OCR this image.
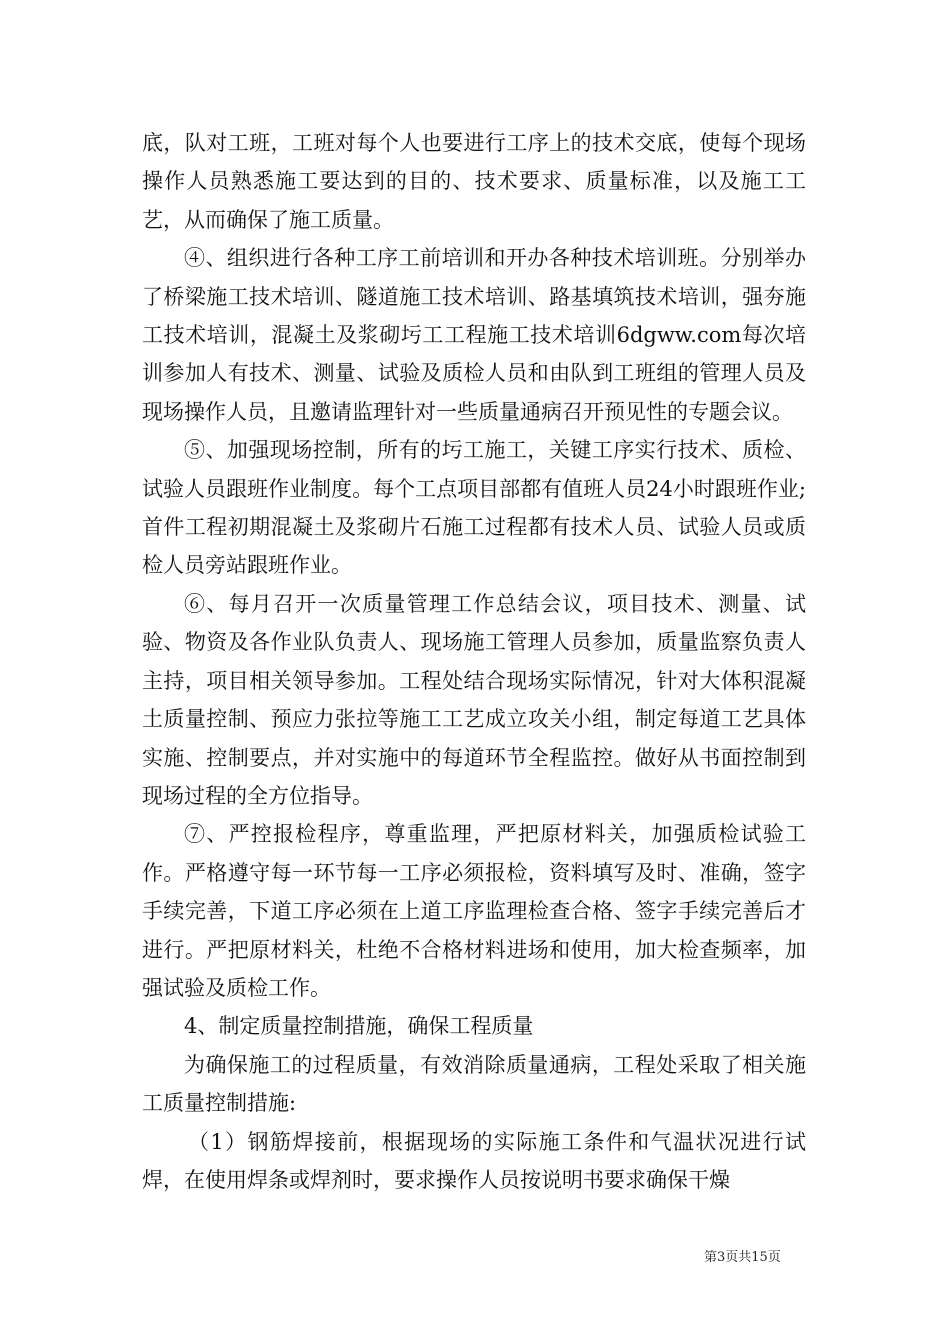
底，队对工班，工班对每个人也要进行工序上的技术交底，使每个现场操作人员熟悉施工要达到的目的、技术要求、质量标准，以及施工工艺，从而确保了施工质量。

④、组织进行各种工序工前培训和开办各种技术培训班。分别举办了桥梁施工技术培训、隧道施工技术培训、路基填筑技术培训，强夯施工技术培训，混凝土及浆砌圬工工程施工技术培训6dgww.com每次培训参加人有技术、测量、试验及质检人员和由队到工班组的管理人员及现场操作人员，且邀请监理针对一些质量通病召开预见性的专题会议。

⑤、加强现场控制，所有的圬工施工，关键工序实行技术、质检、试验人员跟班作业制度。每个工点项目部都有值班人员24小时跟班作业;首件工程初期混凝土及浆砌片石施工过程都有技术人员、试验人员或质检人员旁站跟班作业。

⑥、每月召开一次质量管理工作总结会议，项目技术、测量、试验、物资及各作业队负责人、现场施工管理人员参加，质量监察负责人主持，项目相关领导参加。工程处结合现场实际情况，针对大体积混凝土质量控制、预应力张拉等施工工艺成立攻关小组，制定每道工艺具体实施、控制要点，并对实施中的每道环节全程监控。做好从书面控制到现场过程的全方位指导。

⑦、严控报检程序，尊重监理，严把原材料关，加强质检试验工作。严格遵守每一环节每一工序必须报检，资料填写及时、准确，签字手续完善，下道工序必须在上道工序监理检查合格、签字手续完善后才进行。严把原材料关，杜绝不合格材料进场和使用，加大检查频率，加强试验及质检工作。

4、制定质量控制措施，确保工程质量

为确保施工的过程质量，有效消除质量通病，工程处采取了相关施工质量控制措施:

（1）钢筋焊接前，根据现场的实际施工条件和气温状况进行试焊，在使用焊条或焊剂时，要求操作人员按说明书要求确保干燥

第3页共15页
